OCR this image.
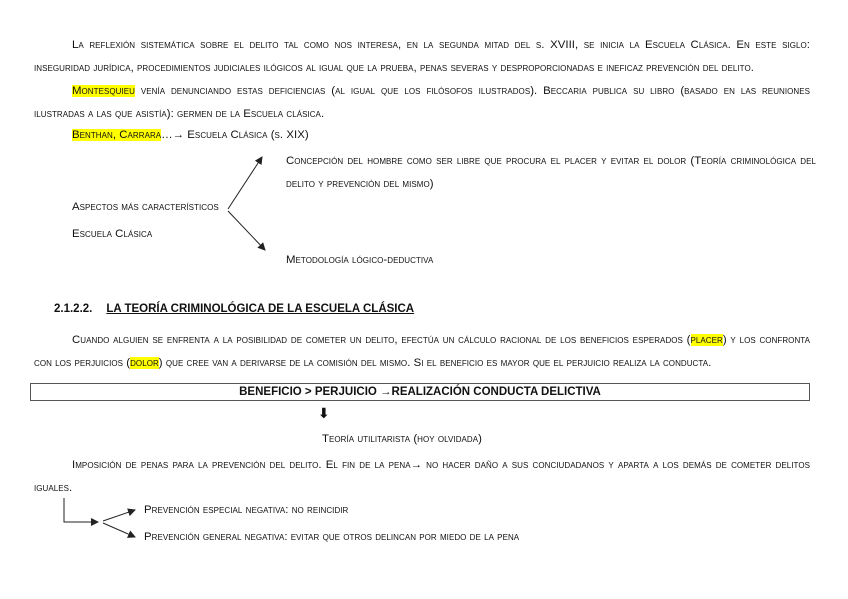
La reflexión sistemática sobre el delito tal como nos interesa, en la segunda mitad del s. XVIII, se inicia la Escuela Clásica. En este siglo: inseguridad jurídica, procedimientos judiciales ilógicos al igual que la prueba, penas severas y desproporcionadas e ineficaz prevención del delito.

Montesquieu venía denunciando estas deficiencias (al igual que los filósofos ilustrados). Beccaria publica su libro (basado en las reuniones ilustradas a las que asistía): germen de la Escuela clásica.

Benthan, Carrara…→ Escuela Clásica (s. XIX)

Aspectos más característicos
Escuela Clásica

Concepción del hombre como ser libre que procura el placer y evitar el dolor (Teoría criminológica del delito y prevención del mismo)

Metodología lógico-deductiva
2.1.2.2. LA TEORÍA CRIMINOLÓGICA DE LA ESCUELA CLÁSICA

Cuando alguien se enfrenta a la posibilidad de cometer un delito, efectúa un cálculo racional de los beneficios esperados (placer) y los confronta con los perjuicios (dolor) que cree van a derivarse de la comisión del mismo. Si el beneficio es mayor que el perjuicio realiza la conducta.

BENEFICIO > PERJUICIO →REALIZACIÓN CONDUCTA DELICTIVA
⬇
Teoría utilitarista (hoy olvidada)

Imposición de penas para la prevención del delito. El fin de la pena→ no hacer daño a sus conciudadanos y aparta a los demás de cometer delitos iguales.

Prevención especial negativa: no reincidir
Prevención general negativa: evitar que otros delincan por miedo de la pena
